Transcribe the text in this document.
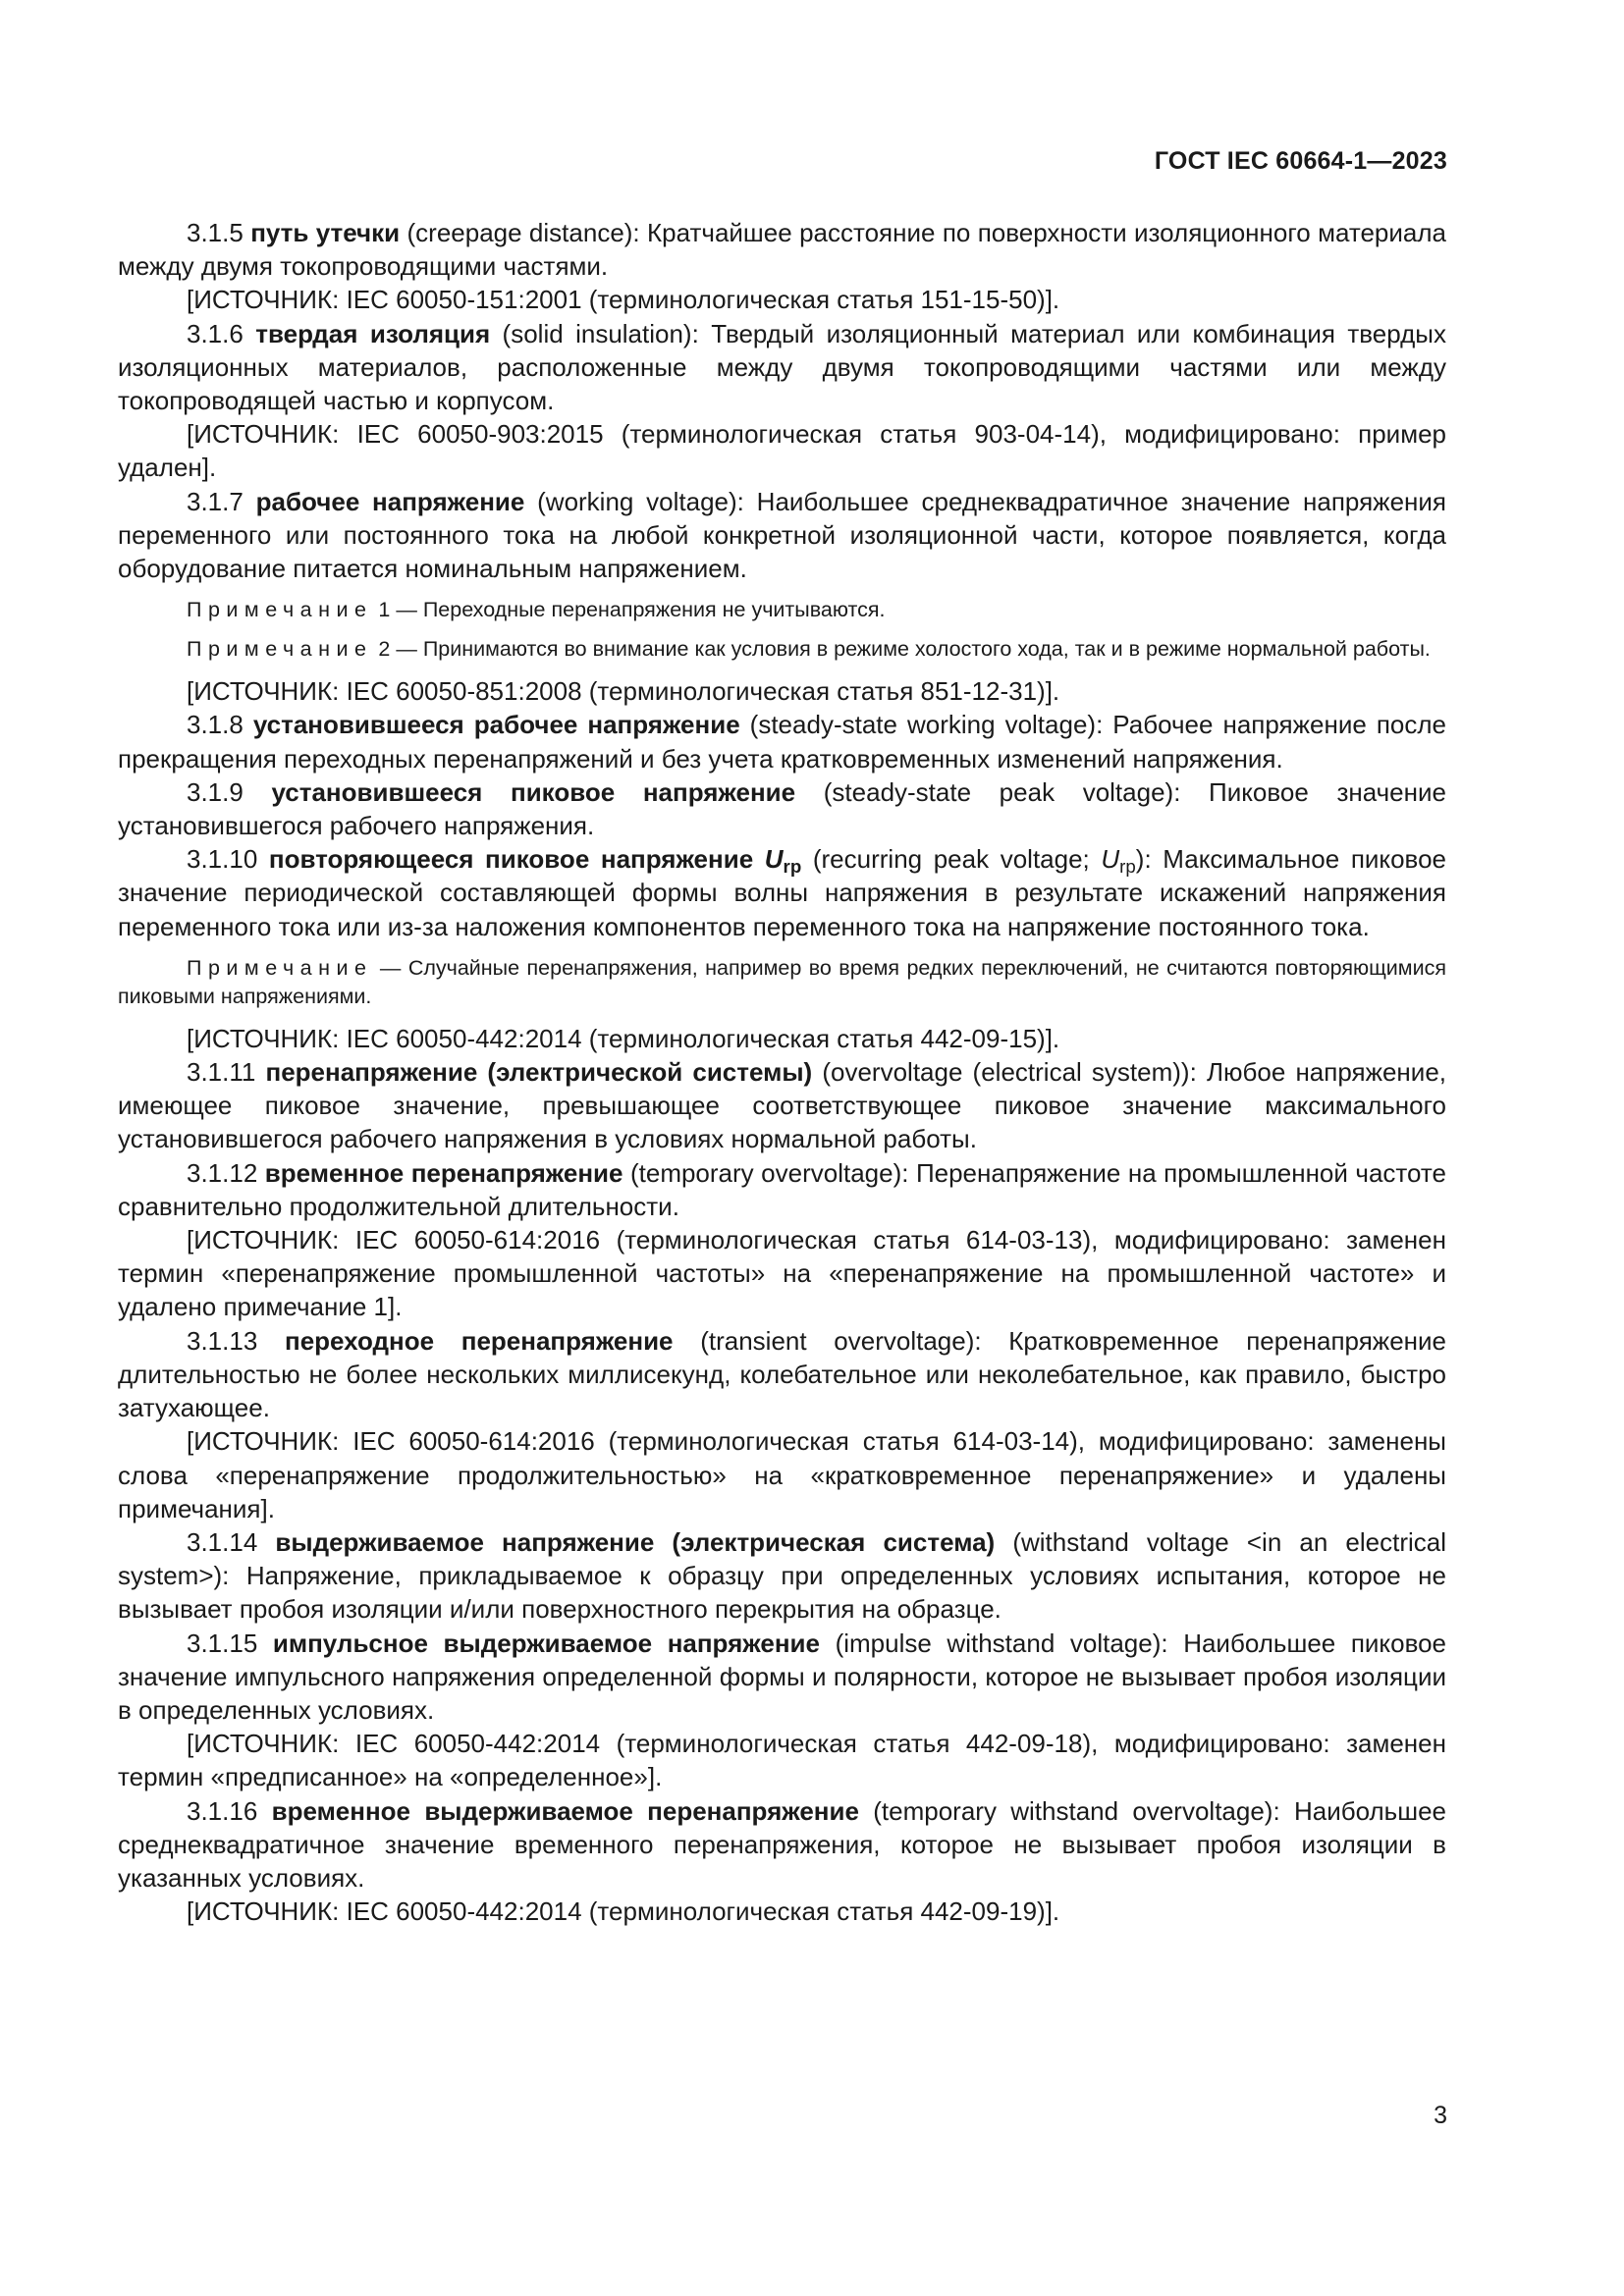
ГОСТ IEC 60664-1—2023

3.1.5 путь утечки (creepage distance): Кратчайшее расстояние по поверхности изоляционного материала между двумя токопроводящими частями.

[ИСТОЧНИК: IEC 60050-151:2001 (терминологическая статья 151-15-50)].

3.1.6 твердая изоляция (solid insulation): Твердый изоляционный материал или комбинация твердых изоляционных материалов, расположенные между двумя токопроводящими частями или между токопроводящей частью и корпусом.

[ИСТОЧНИК: IEC 60050-903:2015 (терминологическая статья 903-04-14), модифицировано: пример удален].

3.1.7 рабочее напряжение (working voltage): Наибольшее среднеквадратичное значение напряжения переменного или постоянного тока на любой конкретной изоляционной части, которое появляется, когда оборудование питается номинальным напряжением.

Примечание 1 — Переходные перенапряжения не учитываются.

Примечание 2 — Принимаются во внимание как условия в режиме холостого хода, так и в режиме нормальной работы.

[ИСТОЧНИК: IEC 60050-851:2008 (терминологическая статья 851-12-31)].

3.1.8 установившееся рабочее напряжение (steady-state working voltage): Рабочее напряжение после прекращения переходных перенапряжений и без учета кратковременных изменений напряжения.

3.1.9 установившееся пиковое напряжение (steady-state peak voltage): Пиковое значение установившегося рабочего напряжения.

3.1.10 повторяющееся пиковое напряжение $U_{rp}$ (recurring peak voltage; $U_{rp}$): Максимальное пиковое значение периодической составляющей формы волны напряжения в результате искажений напряжения переменного тока или из-за наложения компонентов переменного тока на напряжение постоянного тока.

Примечание — Случайные перенапряжения, например во время редких переключений, не считаются повторяющимися пиковыми напряжениями.

[ИСТОЧНИК: IEC 60050-442:2014 (терминологическая статья 442-09-15)].

3.1.11 перенапряжение (электрической системы) (overvoltage (electrical system)): Любое напряжение, имеющее пиковое значение, превышающее соответствующее пиковое значение максимального установившегося рабочего напряжения в условиях нормальной работы.

3.1.12 временное перенапряжение (temporary overvoltage): Перенапряжение на промышленной частоте сравнительно продолжительной длительности.

[ИСТОЧНИК: IEC 60050-614:2016 (терминологическая статья 614-03-13), модифицировано: заменен термин «перенапряжение промышленной частоты» на «перенапряжение на промышленной частоте» и удалено примечание 1].

3.1.13 переходное перенапряжение (transient overvoltage): Кратковременное перенапряжение длительностью не более нескольких миллисекунд, колебательное или неколебательное, как правило, быстро затухающее.

[ИСТОЧНИК: IEC 60050-614:2016 (терминологическая статья 614-03-14), модифицировано: заменены слова «перенапряжение продолжительностью» на «кратковременное перенапряжение» и удалены примечания].

3.1.14 выдерживаемое напряжение (электрическая система) (withstand voltage <in an electrical system>): Напряжение, прикладываемое к образцу при определенных условиях испытания, которое не вызывает пробоя изоляции и/или поверхностного перекрытия на образце.

3.1.15 импульсное выдерживаемое напряжение (impulse withstand voltage): Наибольшее пиковое значение импульсного напряжения определенной формы и полярности, которое не вызывает пробоя изоляции в определенных условиях.

[ИСТОЧНИК: IEC 60050-442:2014 (терминологическая статья 442-09-18), модифицировано: заменен термин «предписанное» на «определенное»].

3.1.16 временное выдерживаемое перенапряжение (temporary withstand overvoltage): Наибольшее среднеквадратичное значение временного перенапряжения, которое не вызывает пробоя изоляции в указанных условиях.

[ИСТОЧНИК: IEC 60050-442:2014 (терминологическая статья 442-09-19)].

3
